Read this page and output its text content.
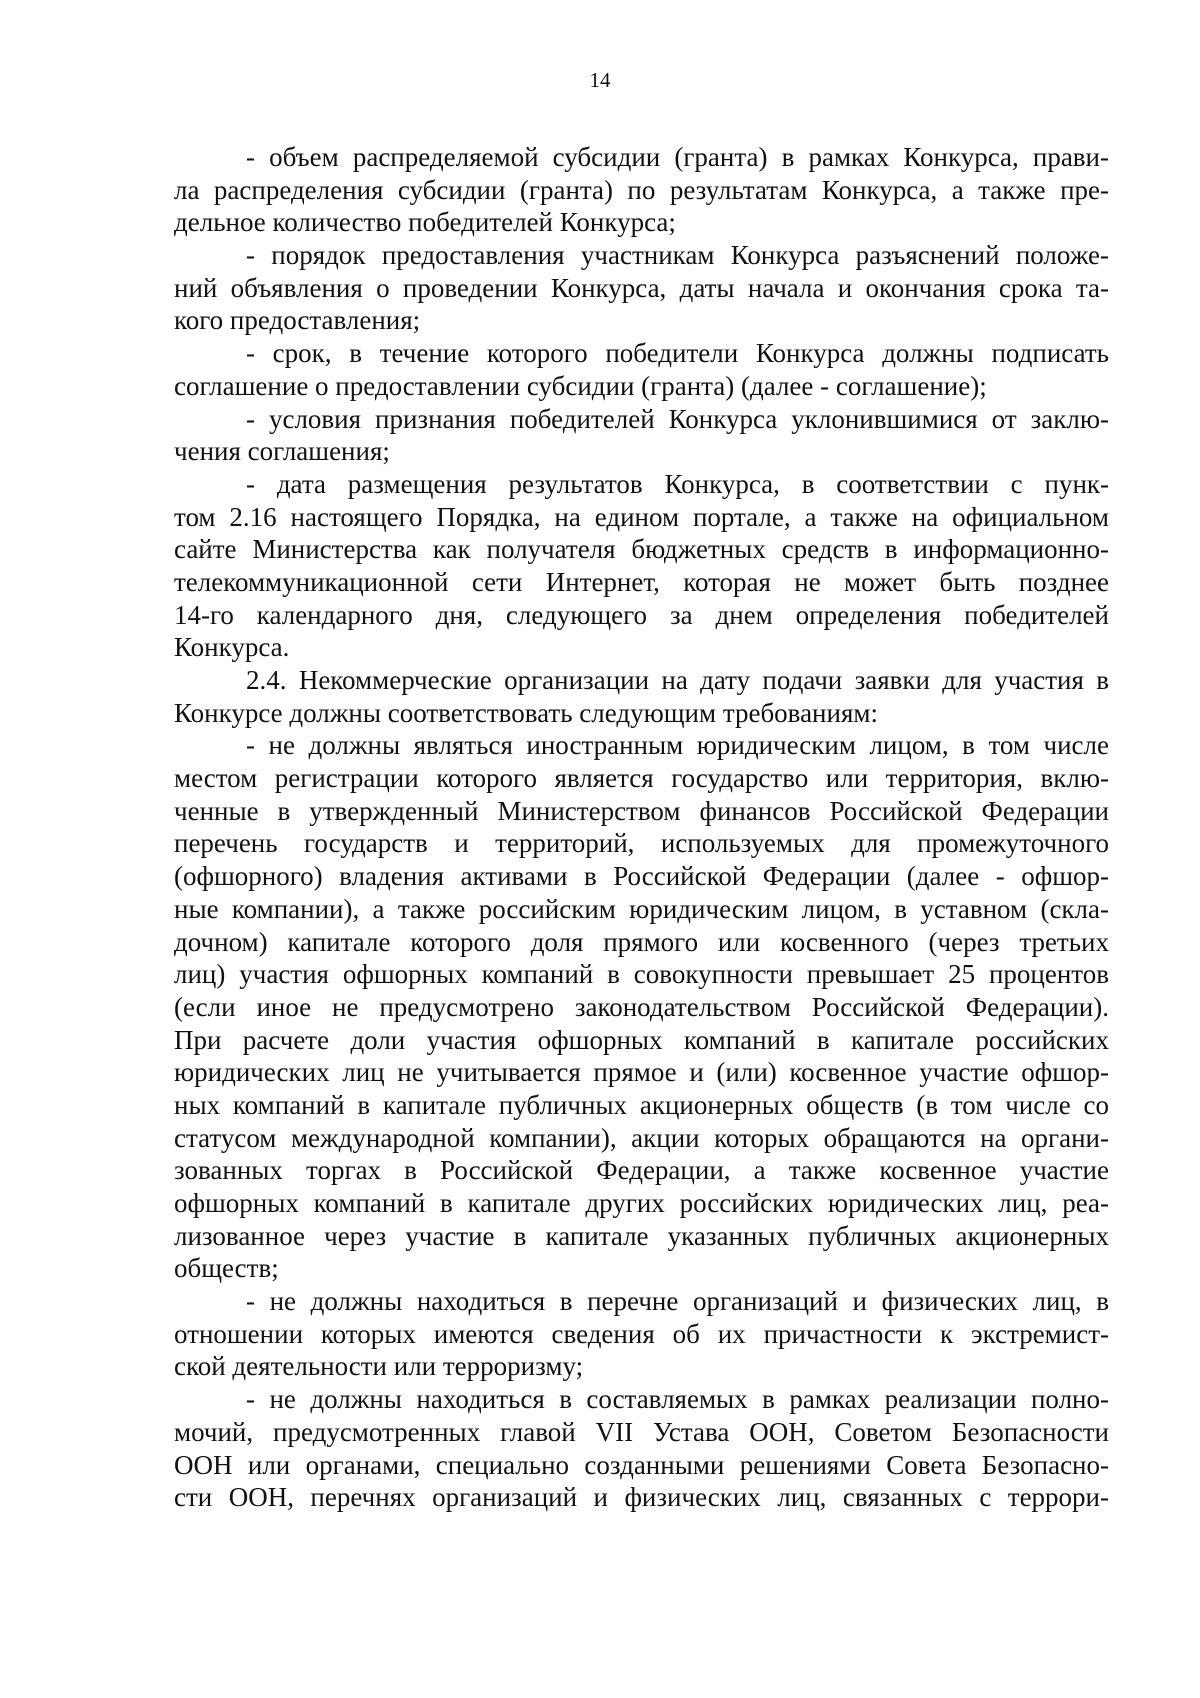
14
- объем распределяемой субсидии (гранта) в рамках Конкурса, прави-
ла распределения субсидии (гранта) по результатам Конкурса, а также пре-
дельное количество победителей Конкурса;
- порядок предоставления участникам Конкурса разъяснений положе-
ний объявления о проведении Конкурса, даты начала и окончания срока та-
кого предоставления;
- срок, в течение которого победители Конкурса должны подписать
соглашение о предоставлении субсидии (гранта) (далее - соглашение);
- условия признания победителей Конкурса уклонившимися от заклю-
чения соглашения;
- дата размещения результатов Конкурса, в соответствии с пунк-
том 2.16 настоящего Порядка, на едином портале, а также на официальном
сайте Министерства как получателя бюджетных средств в информационно-
телекоммуникационной сети Интернет, которая не может быть позднее
14-го календарного дня, следующего за днем определения победителей
Конкурса.
2.4. Некоммерческие организации на дату подачи заявки для участия в
Конкурсе должны соответствовать следующим требованиям:
- не должны являться иностранным юридическим лицом, в том числе
местом регистрации которого является государство или территория, вклю-
ченные в утвержденный Министерством финансов Российской Федерации
перечень государств и территорий, используемых для промежуточного
(офшорного) владения активами в Российской Федерации (далее - офшор-
ные компании), а также российским юридическим лицом, в уставном (скла-
дочном) капитале которого доля прямого или косвенного (через третьих
лиц) участия офшорных компаний в совокупности превышает 25 процентов
(если иное не предусмотрено законодательством Российской Федерации).
При расчете доли участия офшорных компаний в капитале российских
юридических лиц не учитывается прямое и (или) косвенное участие офшор-
ных компаний в капитале публичных акционерных обществ (в том числе со
статусом международной компании), акции которых обращаются на органи-
зованных торгах в Российской Федерации, а также косвенное участие
офшорных компаний в капитале других российских юридических лиц, реа-
лизованное через участие в капитале указанных публичных акционерных
обществ;
- не должны находиться в перечне организаций и физических лиц, в
отношении которых имеются сведения об их причастности к экстремист-
ской деятельности или терроризму;
- не должны находиться в составляемых в рамках реализации полно-
мочий, предусмотренных главой VII Устава ООН, Советом Безопасности
ООН или органами, специально созданными решениями Совета Безопасно-
сти ООН, перечнях организаций и физических лиц, связанных с террори-
